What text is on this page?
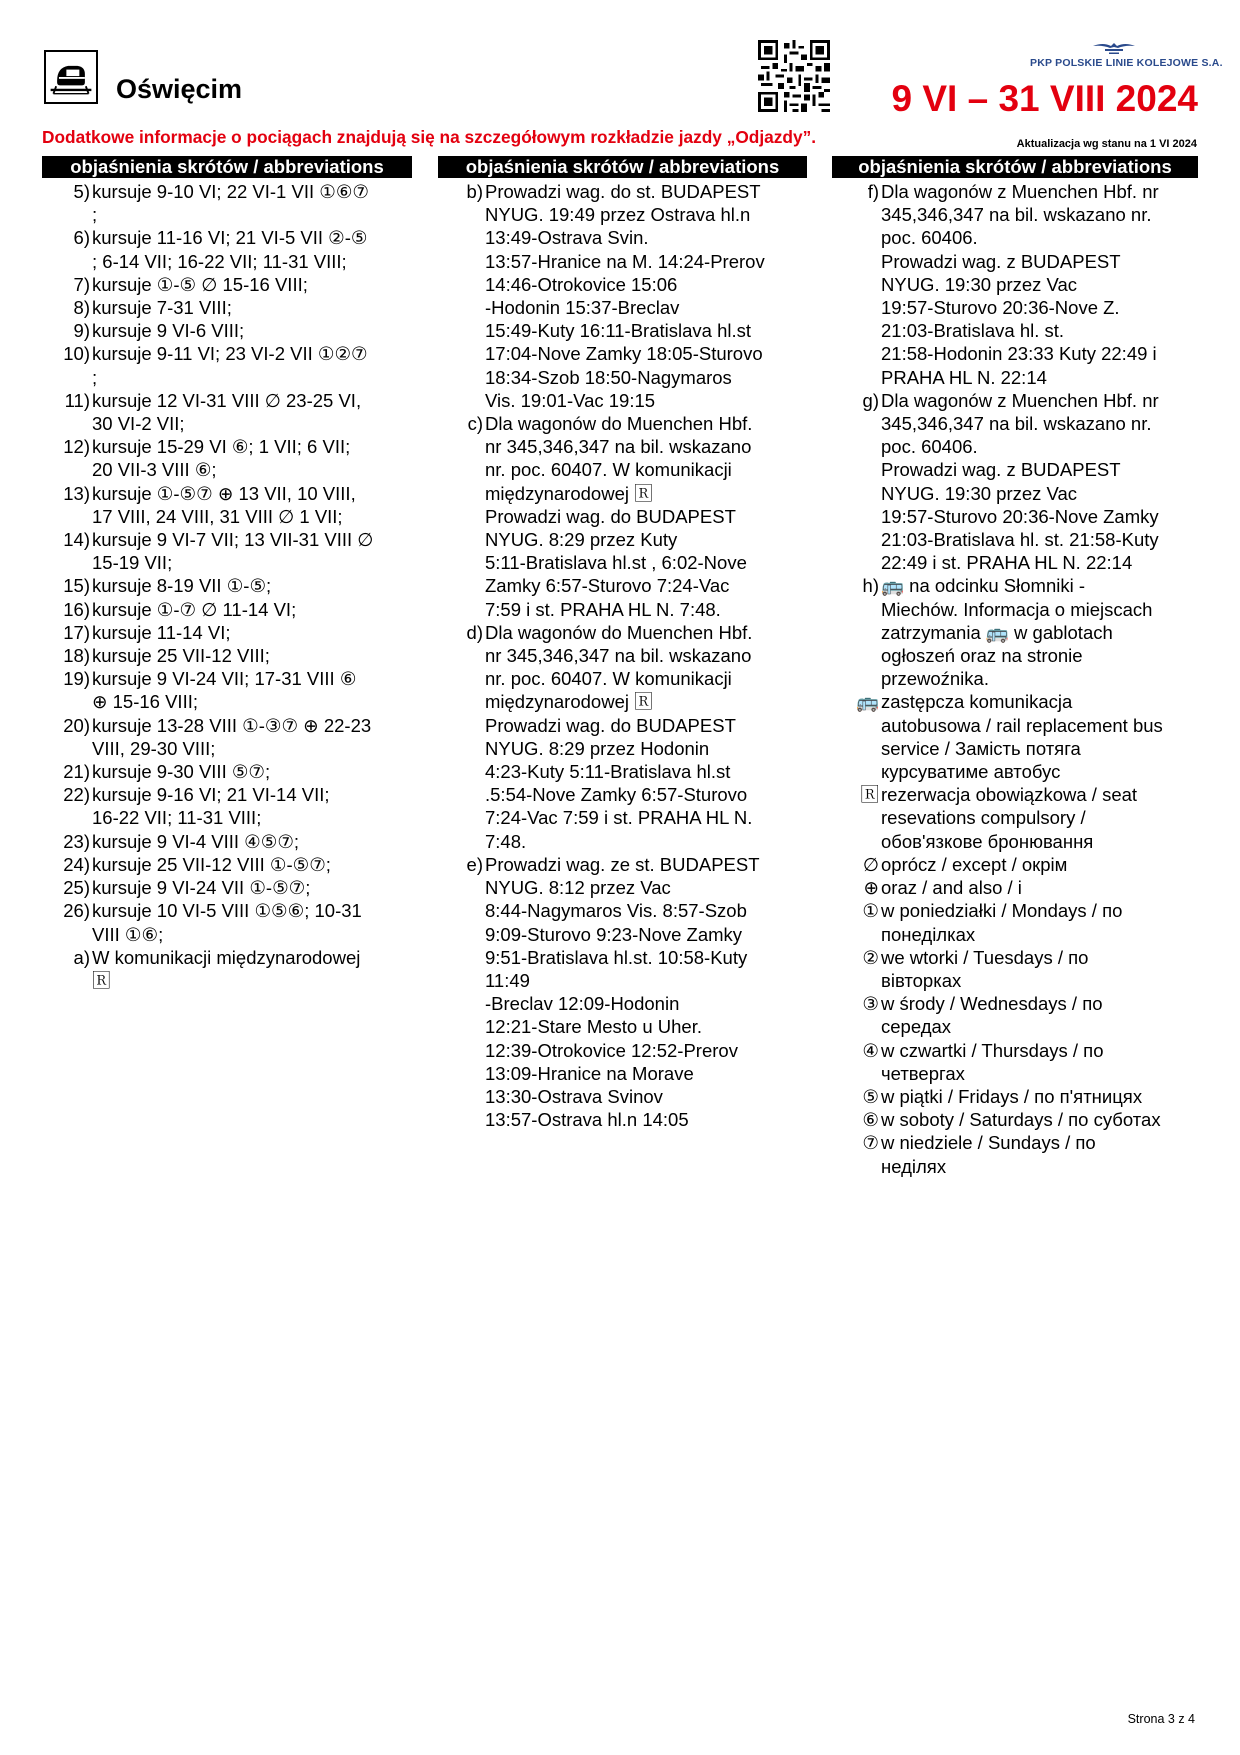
Oświęcim
PKP POLSKIE LINIE KOLEJOWE S.A.
9 VI – 31 VIII 2024
Dodatkowe informacje o pociągach znajdują się na szczegółowym rozkładzie jazdy „Odjazdy”.	Aktualizacja wg stanu na 1 VI 2024
objaśnienia skrótów / abbreviations
5) kursuje 9-10 VI; 22 VI-1 VII ①⑥⑦
;
6) kursuje 11-16 VI; 21 VI-5 VII ②-⑤
; 6-14 VII; 16-22 VII; 11-31 VIII;
7) kursuje ①-⑤ ∅ 15-16 VIII;
8) kursuje 7-31 VIII;
9) kursuje 9 VI-6 VIII;
10) kursuje 9-11 VI; 23 VI-2 VII ①②⑦
;
11) kursuje 12 VI-31 VIII ∅ 23-25 VI,
30 VI-2 VII;
12) kursuje 15-29 VI ⑥; 1 VII; 6 VII;
20 VII-3 VIII ⑥;
13) kursuje ①-⑤⑦ ⊕ 13 VII, 10 VIII,
17 VIII, 24 VIII, 31 VIII ∅ 1 VII;
14) kursuje 9 VI-7 VII; 13 VII-31 VIII ∅
15-19 VII;
15) kursuje 8-19 VII ①-⑤;
16) kursuje ①-⑦ ∅ 11-14 VI;
17) kursuje 11-14 VI;
18) kursuje 25 VII-12 VIII;
19) kursuje 9 VI-24 VII; 17-31 VIII ⑥
⊕ 15-16 VIII;
20) kursuje 13-28 VIII ①-③⑦ ⊕ 22-23
VIII, 29-30 VIII;
21) kursuje 9-30 VIII ⑤⑦;
22) kursuje 9-16 VI; 21 VI-14 VII;
16-22 VII; 11-31 VIII;
23) kursuje 9 VI-4 VIII ④⑤⑦;
24) kursuje 25 VII-12 VIII ①-⑤⑦;
25) kursuje 9 VI-24 VII ①-⑤⑦;
26) kursuje 10 VI-5 VIII ①⑤⑥; 10-31
VIII ①⑥;
a) W komunikacji międzynarodowej
🅁
objaśnienia skrótów / abbreviations
b) Prowadzi wag. do st. BUDAPEST
NYUG. 19:49 przez Ostrava hl.n
13:49-Ostrava Svin.
13:57-Hranice na M. 14:24-Prerov
14:46-Otrokovice 15:06
-Hodonin 15:37-Breclav
15:49-Kuty 16:11-Bratislava hl.st
17:04-Nove Zamky 18:05-Sturovo
18:34-Szob 18:50-Nagymaros
Vis. 19:01-Vac 19:15
c) Dla wagonów do Muenchen Hbf.
nr 345,346,347 na bil. wskazano
nr. poc. 60407. W komunikacji
międzynarodowej 🅁
Prowadzi wag. do BUDAPEST
NYUG. 8:29 przez Kuty
5:11-Bratislava hl.st , 6:02-Nove
Zamky 6:57-Sturovo 7:24-Vac
7:59 i st. PRAHA HL N. 7:48.
d) Dla wagonów do Muenchen Hbf.
nr 345,346,347 na bil. wskazano
nr. poc. 60407. W komunikacji
międzynarodowej 🅁
Prowadzi wag. do BUDAPEST
NYUG. 8:29 przez Hodonin
4:23-Kuty 5:11-Bratislava hl.st
.5:54-Nove Zamky 6:57-Sturovo
7:24-Vac 7:59 i st. PRAHA HL N.
7:48.
e) Prowadzi wag. ze st. BUDAPEST
NYUG. 8:12 przez Vac
8:44-Nagymaros Vis. 8:57-Szob
9:09-Sturovo 9:23-Nove Zamky
9:51-Bratislava hl.st. 10:58-Kuty
11:49
-Breclav 12:09-Hodonin
12:21-Stare Mesto u Uher.
12:39-Otrokovice 12:52-Prerov
13:09-Hranice na Morave
13:30-Ostrava Svinov
13:57-Ostrava hl.n 14:05
objaśnienia skrótów / abbreviations
f) Dla wagonów z Muenchen Hbf. nr
345,346,347 na bil. wskazano nr.
poc. 60406.
Prowadzi wag. z BUDAPEST
NYUG. 19:30 przez Vac
19:57-Sturovo 20:36-Nove Z.
21:03-Bratislava hl. st.
21:58-Hodonin 23:33 Kuty 22:49 i
PRAHA HL N. 22:14
g) Dla wagonów z Muenchen Hbf. nr
345,346,347 na bil. wskazano nr.
poc. 60406.
Prowadzi wag. z BUDAPEST
NYUG. 19:30 przez Vac
19:57-Sturovo 20:36-Nove Zamky
21:03-Bratislava hl. st. 21:58-Kuty
22:49 i st. PRAHA HL N. 22:14
h) 🚌 na odcinku Słomniki -
Miechów. Informacja o miejscach
zatrzymania 🚌 w gablotach
ogłoszeń oraz na stronie
przewoźnika.
🚌 zastępcza komunikacja
autobusowa / rail replacement bus
service / Замість потяга
курсуватиме автобус
🅁 rezerwacja obowiązkowa / seat
resevations compulsory /
обов'язкове бронювання
∅ oprócz / except / окрім
⊕ oraz / and also / і
① w poniedziałki / Mondays / по
понеділках
② we wtorki / Tuesdays / по
вівторках
③ w środy / Wednesdays / по
середах
④ w czwartki / Thursdays / по
четвергах
⑤ w piątki / Fridays / по п'ятницях
⑥ w soboty / Saturdays / по суботах
⑦ w niedziele / Sundays / по
неділях
Strona 3 z 4
